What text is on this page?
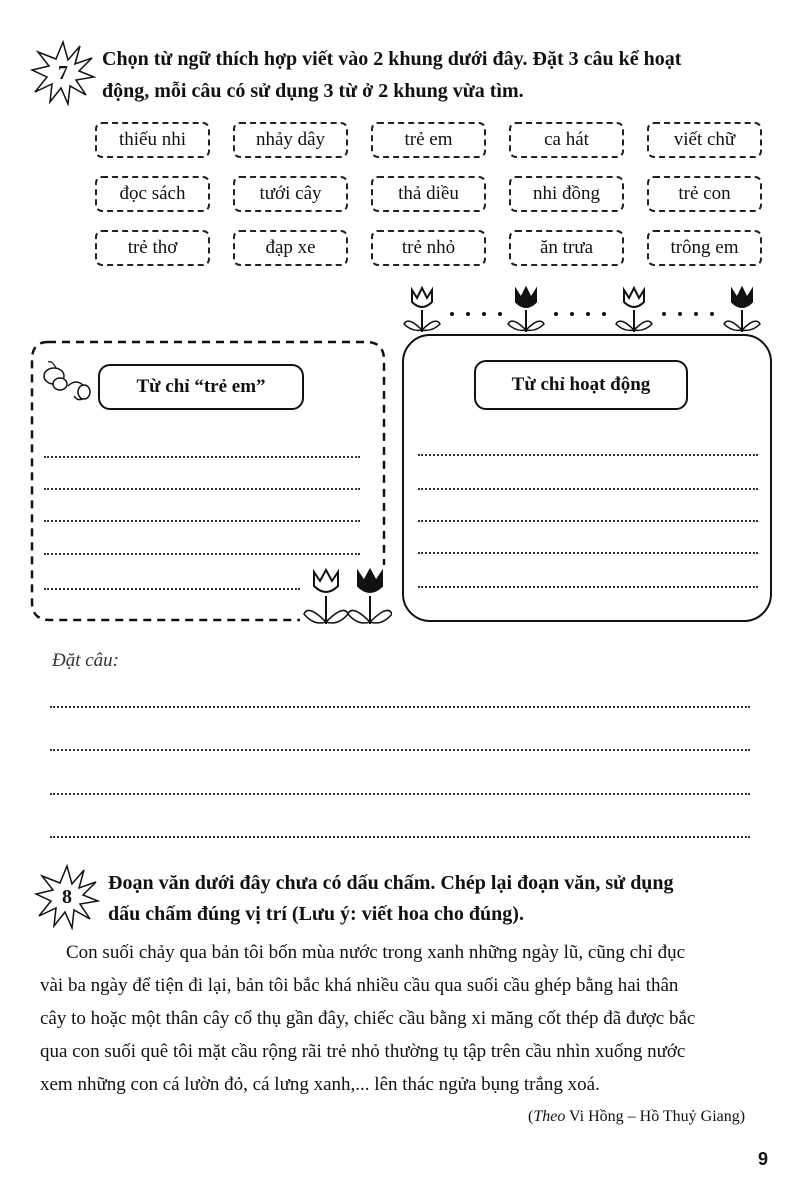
7
Chọn từ ngữ thích hợp viết vào 2 khung dưới đây. Đặt 3 câu kể hoạt
động, mỗi câu có sử dụng 3 từ ở 2 khung vừa tìm.
thiếu nhi	nhảy dây	trẻ em	ca hát	viết chữ
đọc sách	tưới cây	thả diều	nhi đồng	trẻ con
trẻ thơ	đạp xe	trẻ nhỏ	ăn trưa	trông em
Từ chỉ “trẻ em”	Từ chỉ hoạt động
Đặt câu:
8
Đoạn văn dưới đây chưa có dấu chấm. Chép lại đoạn văn, sử dụng
dấu chấm đúng vị trí (Lưu ý: viết hoa cho đúng).
Con suối chảy qua bản tôi bốn mùa nước trong xanh những ngày lũ, cũng chỉ đục
vài ba ngày để tiện đi lại, bản tôi bắc khá nhiều cầu qua suối cầu ghép bằng hai thân
cây to hoặc một thân cây cổ thụ gần đây, chiếc cầu bằng xi măng cốt thép đã được bắc
qua con suối quê tôi mặt cầu rộng rãi trẻ nhỏ thường tụ tập trên cầu nhìn xuống nước
xem những con cá lườn đỏ, cá lưng xanh,... lên thác ngửa bụng trắng xoá.
(Theo Vi Hồng – Hồ Thuỷ Giang)
9
